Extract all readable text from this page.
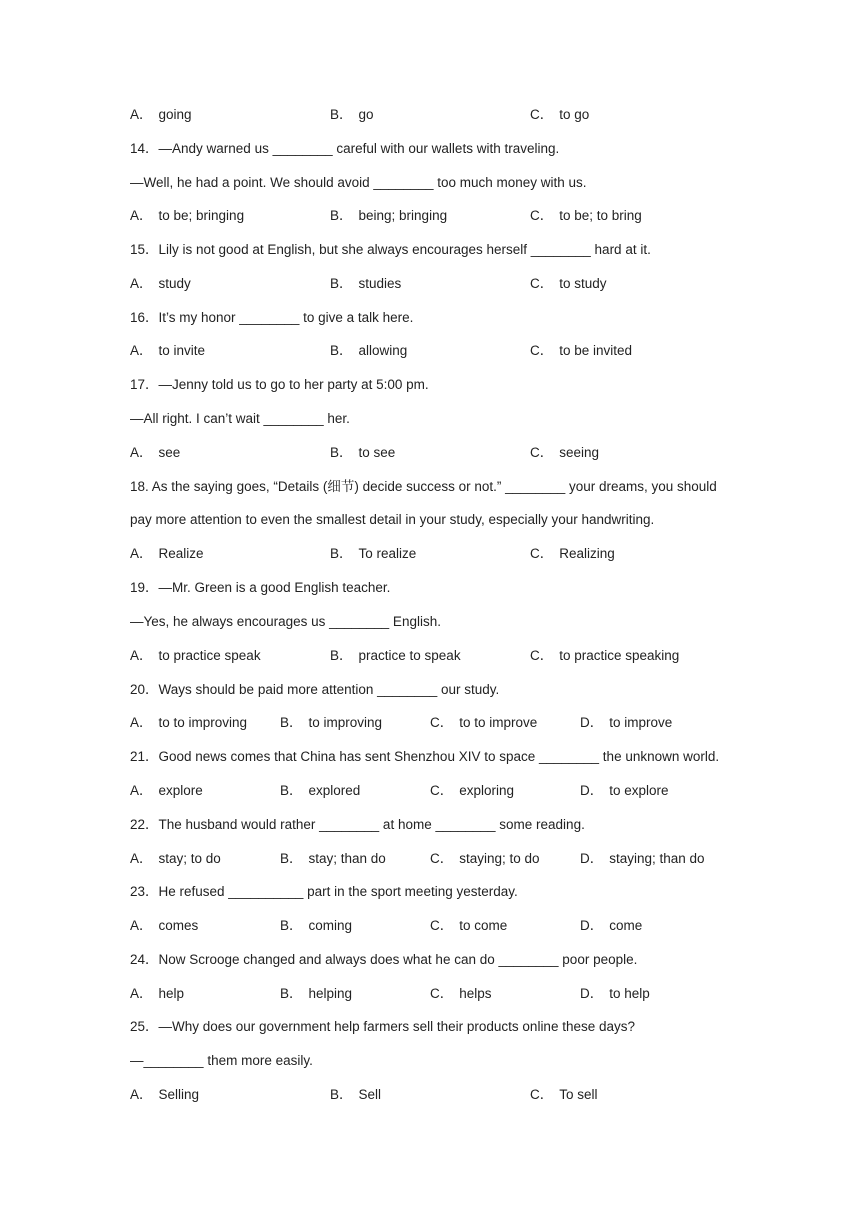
A． going	B． go	C． to go
14．—Andy warned us ________ careful with our wallets with traveling.
—Well, he had a point. We should avoid ________ too much money with us.
A． to be; bringing	B． being; bringing	C． to be; to bring
15．Lily is not good at English, but she always encourages herself ________ hard at it.
A． study	B． studies	C． to study
16．It’s my honor ________ to give a talk here.
A． to invite	B． allowing	C． to be invited
17．—Jenny told us to go to her party at 5:00 pm.
—All right. I can’t wait ________ her.
A． see	B． to see	C． seeing
18. As the saying goes, “Details (细节) decide success or not.” ________ your dreams, you should
pay more attention to even the smallest detail in your study, especially your handwriting.
A． Realize	B． To realize	C． Realizing
19．—Mr. Green is a good English teacher.
—Yes, he always encourages us ________ English.
A． to practice speak	B． practice to speak	C． to practice speaking
20．Ways should be paid more attention ________ our study.
A． to to improving B． to improving	C． to to improve	D． to improve
21．Good news comes that China has sent Shenzhou XIV to space ________ the unknown world.
A． explore	B． explored	C． exploring	D． to explore
22．The husband would rather ________ at home ________ some reading.
A． stay; to do	B． stay; than do	C． staying; to do	D． staying; than do
23．He refused __________ part in the sport meeting yesterday.
A． comes	B． coming	C． to come	D． come
24．Now Scrooge changed and always does what he can do ________ poor people.
A． help	B． helping	C． helps	D． to help
25．—Why does our government help farmers sell their products online these days?
—________ them more easily.
A． Selling	B． Sell	C． To sell
